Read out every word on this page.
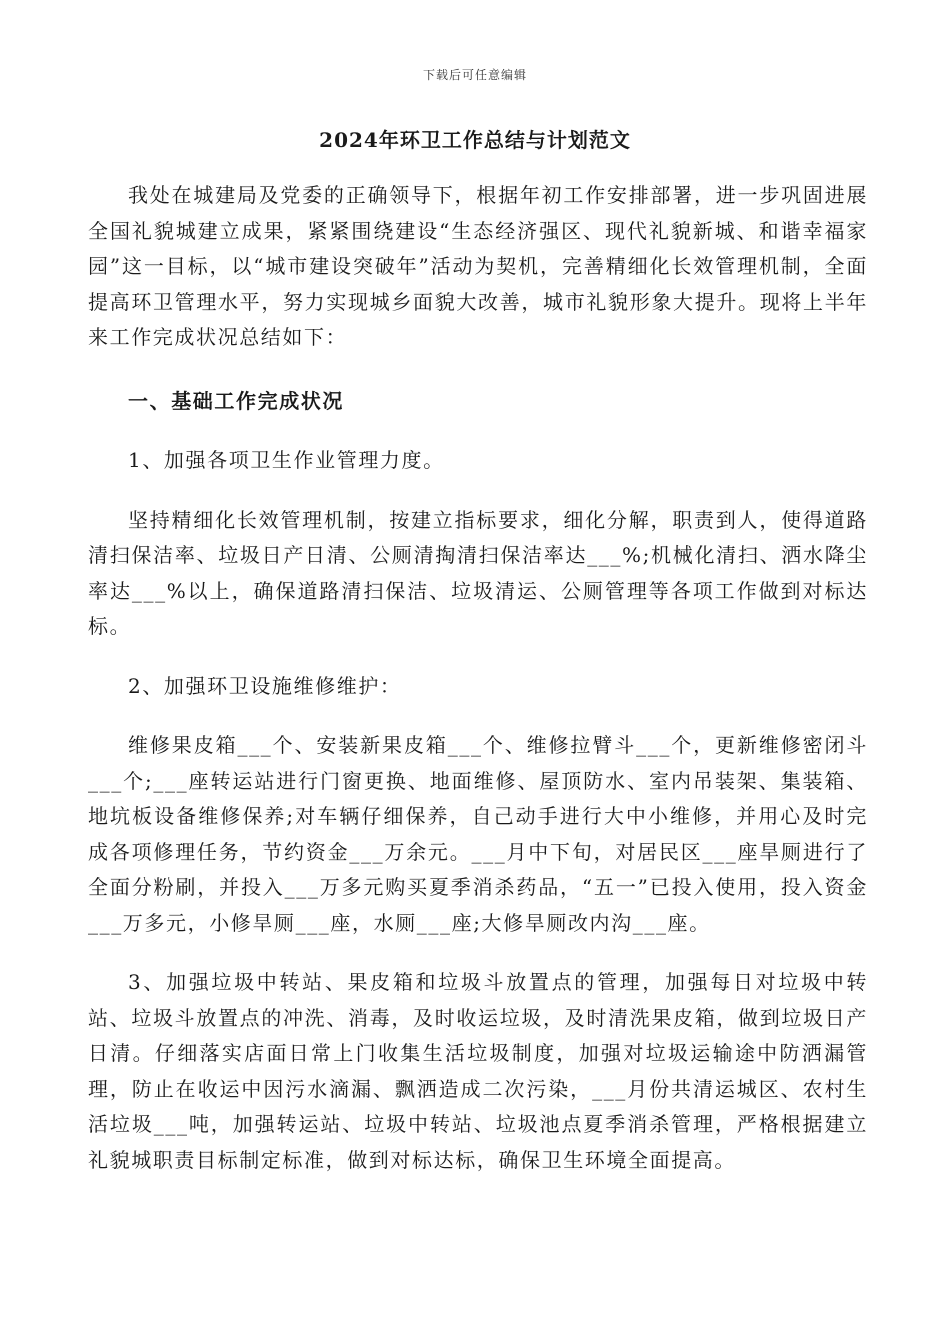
下载后可任意编辑
2024年环卫工作总结与计划范文

我处在城建局及党委的正确领导下，根据年初工作安排部署，进一步巩固进展全国礼貌城建立成果，紧紧围绕建设“生态经济强区、现代礼貌新城、和谐幸福家园”这一目标，以“城市建设突破年”活动为契机，完善精细化长效管理机制，全面提高环卫管理水平，努力实现城乡面貌大改善，城市礼貌形象大提升。现将上半年来工作完成状况总结如下：

一、基础工作完成状况

1、加强各项卫生作业管理力度。

坚持精细化长效管理机制，按建立指标要求，细化分解，职责到人，使得道路清扫保洁率、垃圾日产日清、公厕清掏清扫保洁率达___%;机械化清扫、洒水降尘率达___%以上，确保道路清扫保洁、垃圾清运、公厕管理等各项工作做到对标达标。

2、加强环卫设施维修维护：

维修果皮箱___个、安装新果皮箱___个、维修拉臂斗___个，更新维修密闭斗___个;___座转运站进行门窗更换、地面维修、屋顶防水、室内吊装架、集装箱、地坑板设备维修保养;对车辆仔细保养，自己动手进行大中小维修，并用心及时完成各项修理任务，节约资金___万余元。___月中下旬，对居民区___座旱厕进行了全面分粉刷，并投入___万多元购买夏季消杀药品，“五一”已投入使用，投入资金___万多元，小修旱厕___座，水厕___座;大修旱厕改内沟___座。

3、加强垃圾中转站、果皮箱和垃圾斗放置点的管理，加强每日对垃圾中转站、垃圾斗放置点的冲洗、消毒，及时收运垃圾，及时清洗果皮箱，做到垃圾日产日清。仔细落实店面日常上门收集生活垃圾制度，加强对垃圾运输途中防洒漏管理，防止在收运中因污水滴漏、飘洒造成二次污染，___月份共清运城区、农村生活垃圾___吨，加强转运站、垃圾中转站、垃圾池点夏季消杀管理，严格根据建立礼貌城职责目标制定标准，做到对标达标，确保卫生环境全面提高。
